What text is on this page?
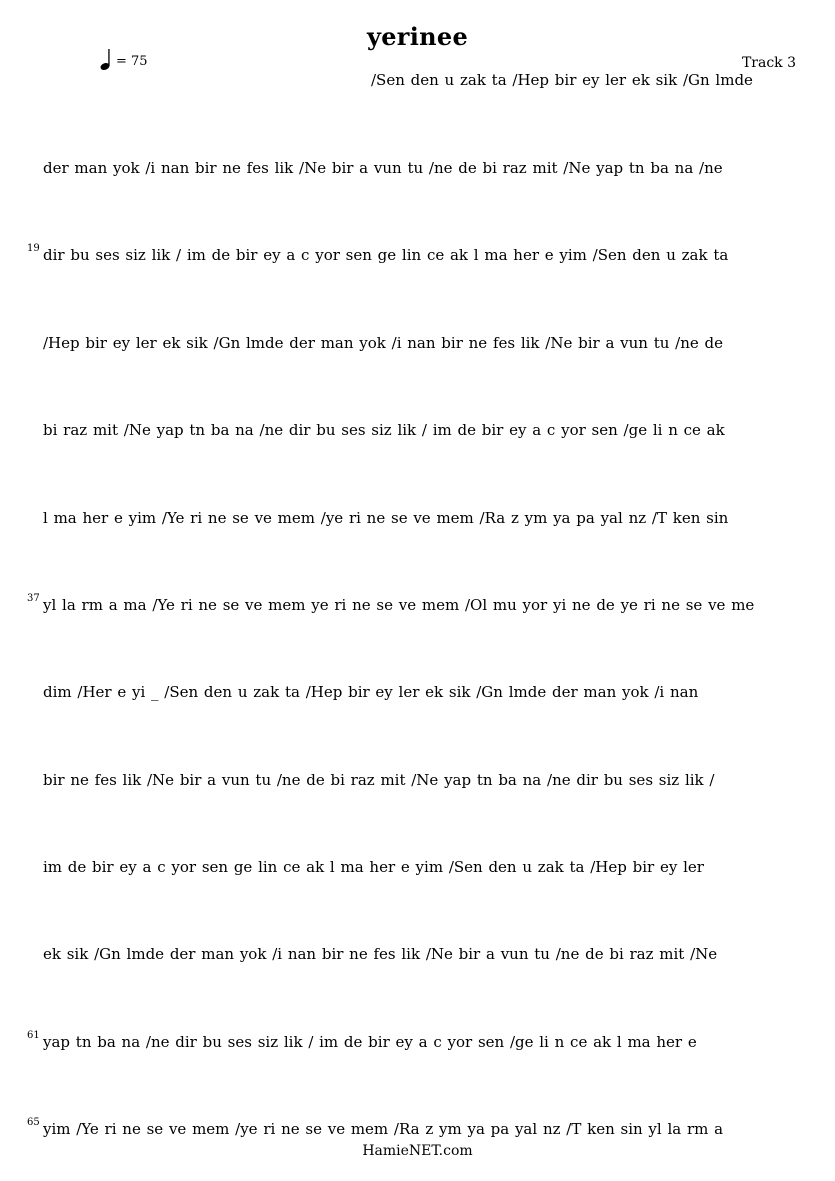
yerinee
= 75	Track 3
/Sen den u zak ta /Hep bir ey ler ek sik /Gn lmde
der man yok /i nan bir ne fes lik /Ne bir a vun tu /ne de bi raz mit /Ne yap tn ba na /ne
19 dir bu ses siz lik / im de bir ey a c yor sen ge lin ce ak l ma her e yim /Sen den u zak ta
/Hep bir ey ler ek sik /Gn lmde der man yok /i nan bir ne fes lik /Ne bir a vun tu /ne de
bi raz mit /Ne yap tn ba na /ne dir bu ses siz lik / im de bir ey a c yor sen /ge li n ce ak
l ma her e yim /Ye ri ne se ve mem /ye ri ne se ve mem /Ra z ym ya pa yal nz /T ken sin
37 yl la rm a ma /Ye ri ne se ve mem ye ri ne se ve mem /Ol mu yor yi ne de ye ri ne se ve me
dim /Her e yi _ /Sen den u zak ta /Hep bir ey ler ek sik /Gn lmde der man yok /i nan
bir ne fes lik /Ne bir a vun tu /ne de bi raz mit /Ne yap tn ba na /ne dir bu ses siz lik /
im de bir ey a c yor sen ge lin ce ak l ma her e yim /Sen den u zak ta /Hep bir ey ler
ek sik /Gn lmde der man yok /i nan bir ne fes lik /Ne bir a vun tu /ne de bi raz mit /Ne
61 yap tn ba na /ne dir bu ses siz lik / im de bir ey a c yor sen /ge li n ce ak l ma her e
65 yim /Ye ri ne se ve mem /ye ri ne se ve mem /Ra z ym ya pa yal nz /T ken sin yl la rm a
HamieNET.com
